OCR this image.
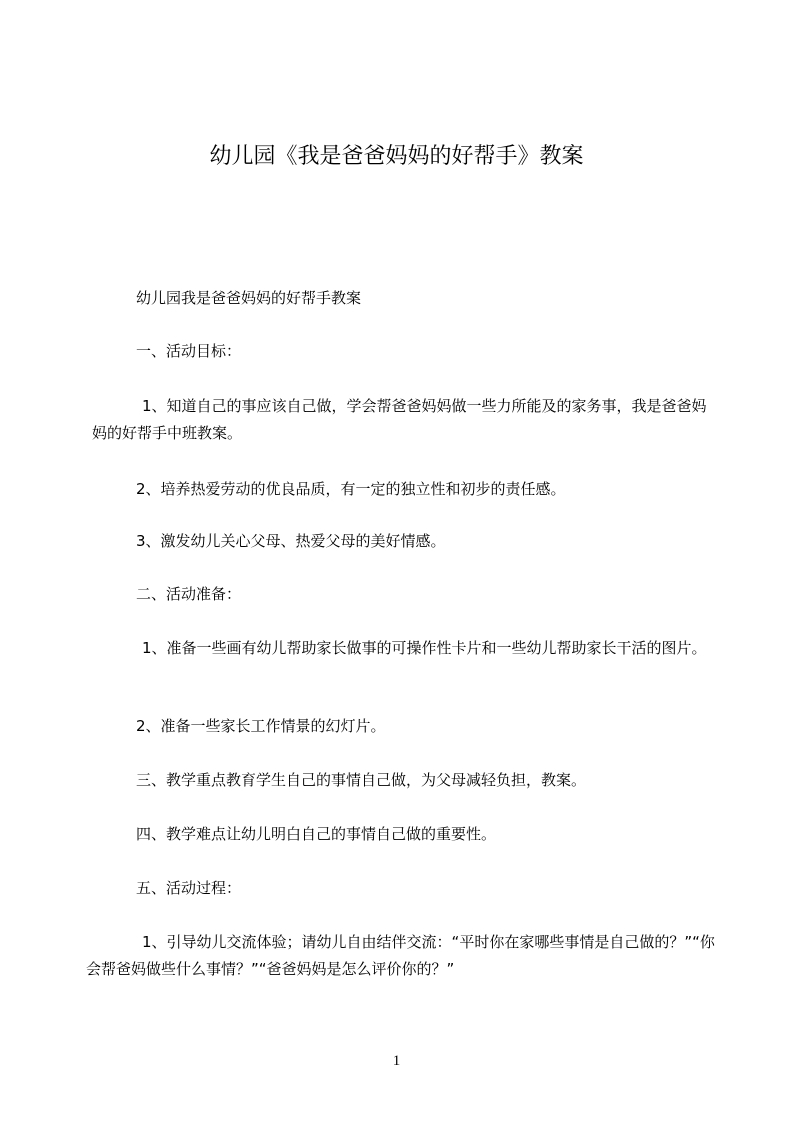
幼儿园《我是爸爸妈妈的好帮手》教案

幼儿园我是爸爸妈妈的好帮手教案

一、活动目标：

1、知道自己的事应该自己做，学会帮爸爸妈妈做一些力所能及的家务事，我是爸爸妈妈的好帮手中班教案。

2、培养热爱劳动的优良品质，有一定的独立性和初步的责任感。

3、激发幼儿关心父母、热爱父母的美好情感。

二、活动准备：

1、准备一些画有幼儿帮助家长做事的可操作性卡片和一些幼儿帮助家长干活的图片。

2、准备一些家长工作情景的幻灯片。

三、教学重点教育学生自己的事情自己做，为父母减轻负担，教案。

四、教学难点让幼儿明白自己的事情自己做的重要性。

五、活动过程：

1、引导幼儿交流体验；请幼儿自由结伴交流：“平时你在家哪些事情是自己做的？”“你会帮爸妈做些什么事情？”“爸爸妈妈是怎么评价你的？”

1
